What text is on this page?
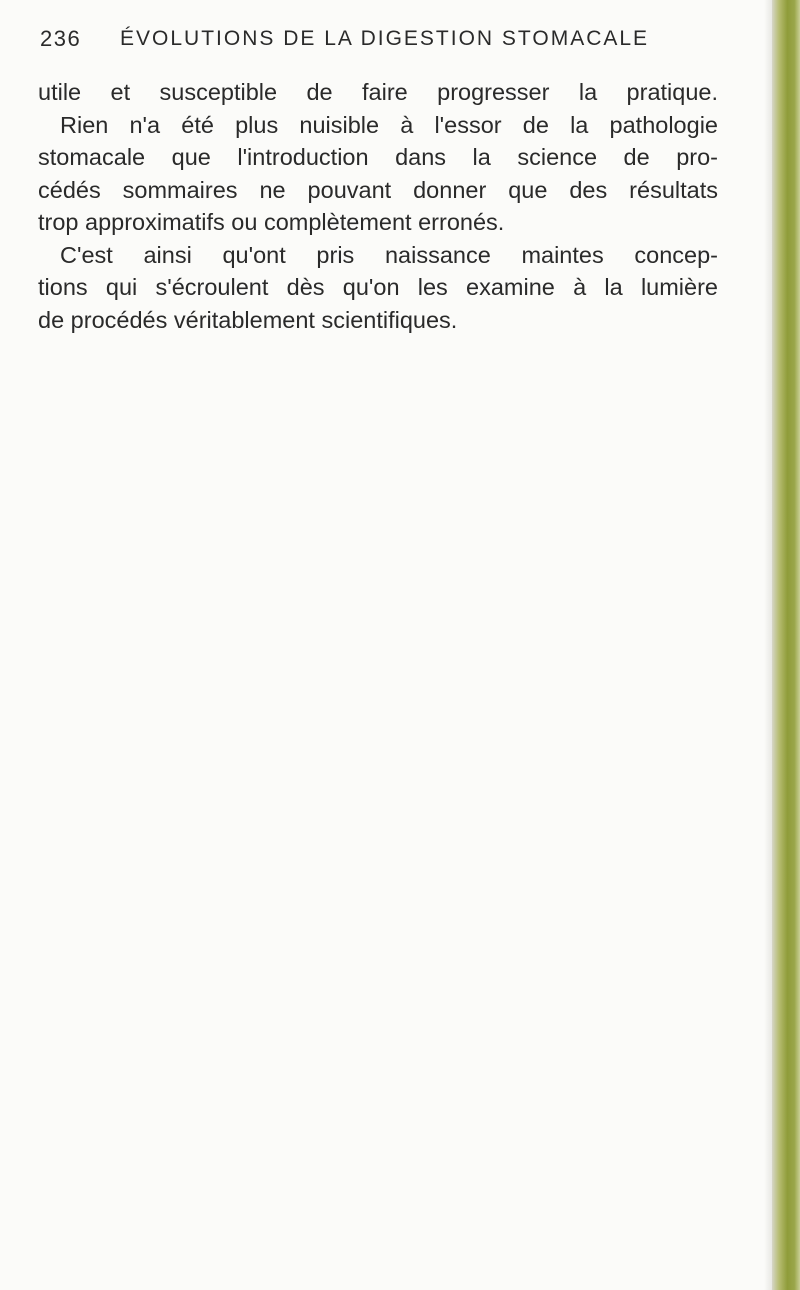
236 ÉVOLUTIONS DE LA DIGESTION STOMACALE
utile et susceptible de faire progresser la pratique.
Rien n'a été plus nuisible à l'essor de la pathologie
stomacale que l'introduction dans la science de pro-
cédés sommaires ne pouvant donner que des résultats
trop approximatifs ou complètement erronés.
C'est ainsi qu'ont pris naissance maintes concep-
tions qui s'écroulent dès qu'on les examine à la lumière
de procédés véritablement scientifiques.
